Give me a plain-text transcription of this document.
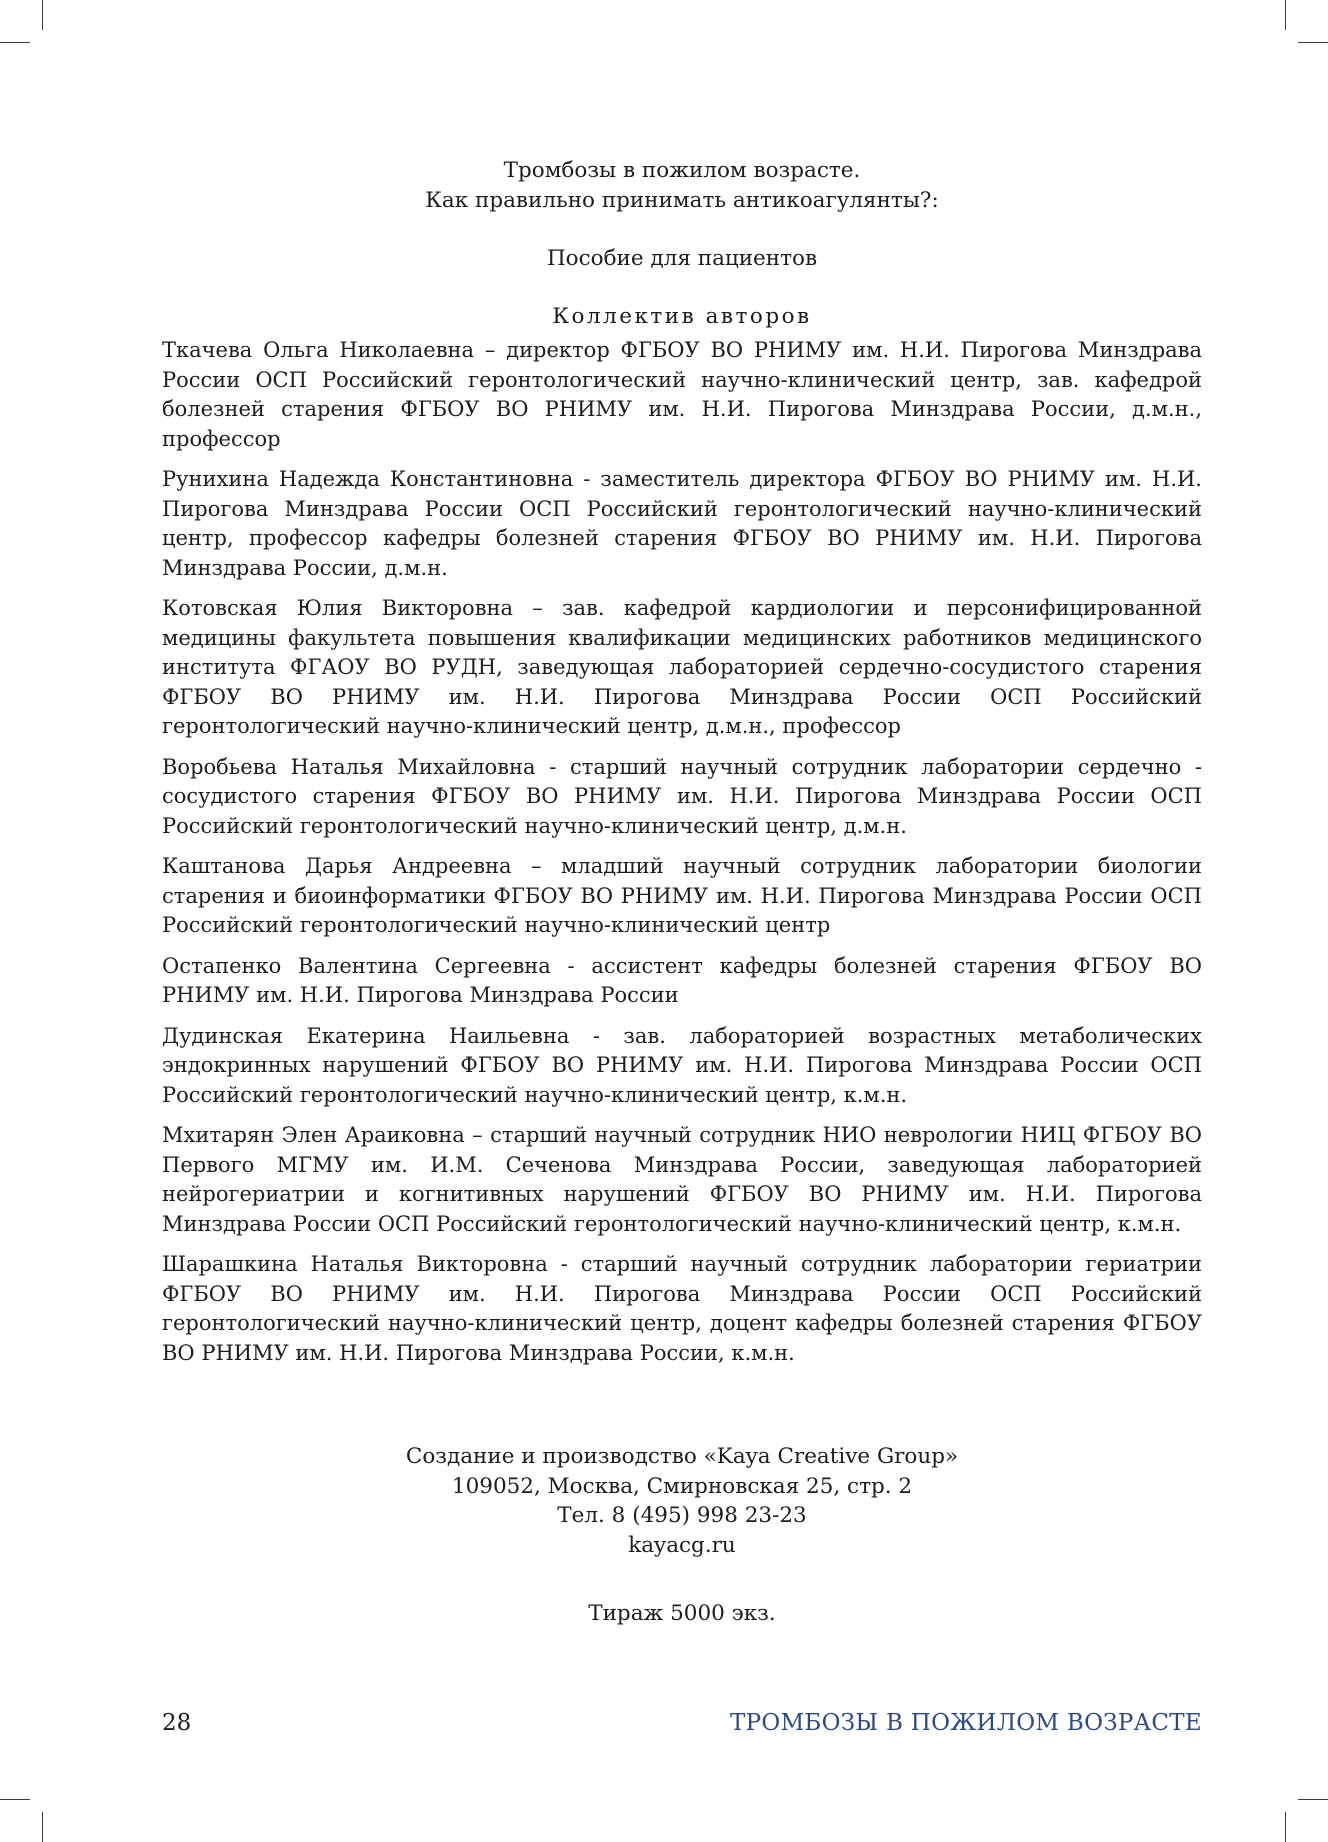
Тромбозы в пожилом возрасте.
Как правильно принимать антикоагулянты?:
Пособие для пациентов
Коллектив авторов

Ткачева Ольга Николаевна – директор ФГБОУ ВО РНИМУ им. Н.И. Пирогова Минздрава России ОСП Российский геронтологический научно-клинический центр, зав. кафедрой болезней старения ФГБОУ ВО РНИМУ им. Н.И. Пирогова Минздрава России, д.м.н., профессор

Рунихина Надежда Константиновна - заместитель директора ФГБОУ ВО РНИМУ им. Н.И. Пирогова Минздрава России ОСП Российский геронтологический научно-клинический центр, профессор кафедры болезней старения ФГБОУ ВО РНИМУ им. Н.И. Пирогова Минздрава России, д.м.н.

Котовская Юлия Викторовна – зав. кафедрой кардиологии и персонифицированной медицины факультета повышения квалификации медицинских работников медицинского института ФГАОУ ВО РУДН, заведующая лабораторией сердечно-сосудистого старения ФГБОУ ВО РНИМУ им. Н.И. Пирогова Минздрава России ОСП Российский геронтологический научно-клинический центр, д.м.н., профессор

Воробьева Наталья Михайловна - старший научный сотрудник лаборатории сердечно - сосудистого старения ФГБОУ ВО РНИМУ им. Н.И. Пирогова Минздрава России ОСП Российский геронтологический научно-клинический центр, д.м.н.

Каштанова Дарья Андреевна – младший научный сотрудник лаборатории биологии старения и биоинформатики ФГБОУ ВО РНИМУ им. Н.И. Пирогова Минздрава России ОСП Российский геронтологический научно-клинический центр

Остапенко Валентина Сергеевна - ассистент кафедры болезней старения ФГБОУ ВО РНИМУ им. Н.И. Пирогова Минздрава России

Дудинская Екатерина Наильевна - зав. лабораторией возрастных метаболических эндокринных нарушений ФГБОУ ВО РНИМУ им. Н.И. Пирогова Минздрава России ОСП Российский геронтологический научно-клинический центр, к.м.н.

Мхитарян Элен Араиковна – старший научный сотрудник НИО неврологии НИЦ ФГБОУ ВО Первого МГМУ им. И.М. Сеченова Минздрава России, заведующая лабораторией нейрогериатрии и когнитивных нарушений ФГБОУ ВО РНИМУ им. Н.И. Пирогова Минздрава России ОСП Российский геронтологический научно-клинический центр, к.м.н.

Шарашкина Наталья Викторовна - старший научный сотрудник лаборатории гериатрии ФГБОУ ВО РНИМУ им. Н.И. Пирогова Минздрава России ОСП Российский геронтологический научно-клинический центр, доцент кафедры болезней старения ФГБОУ ВО РНИМУ им. Н.И. Пирогова Минздрава России, к.м.н.

Создание и производство «Kaya Creative Group»
109052, Москва, Смирновская 25, стр. 2
Тел. 8 (495) 998 23-23
kayacg.ru
Тираж 5000 экз.
28	ТРОМБОЗЫ В ПОЖИЛОМ ВОЗРАСТЕ
